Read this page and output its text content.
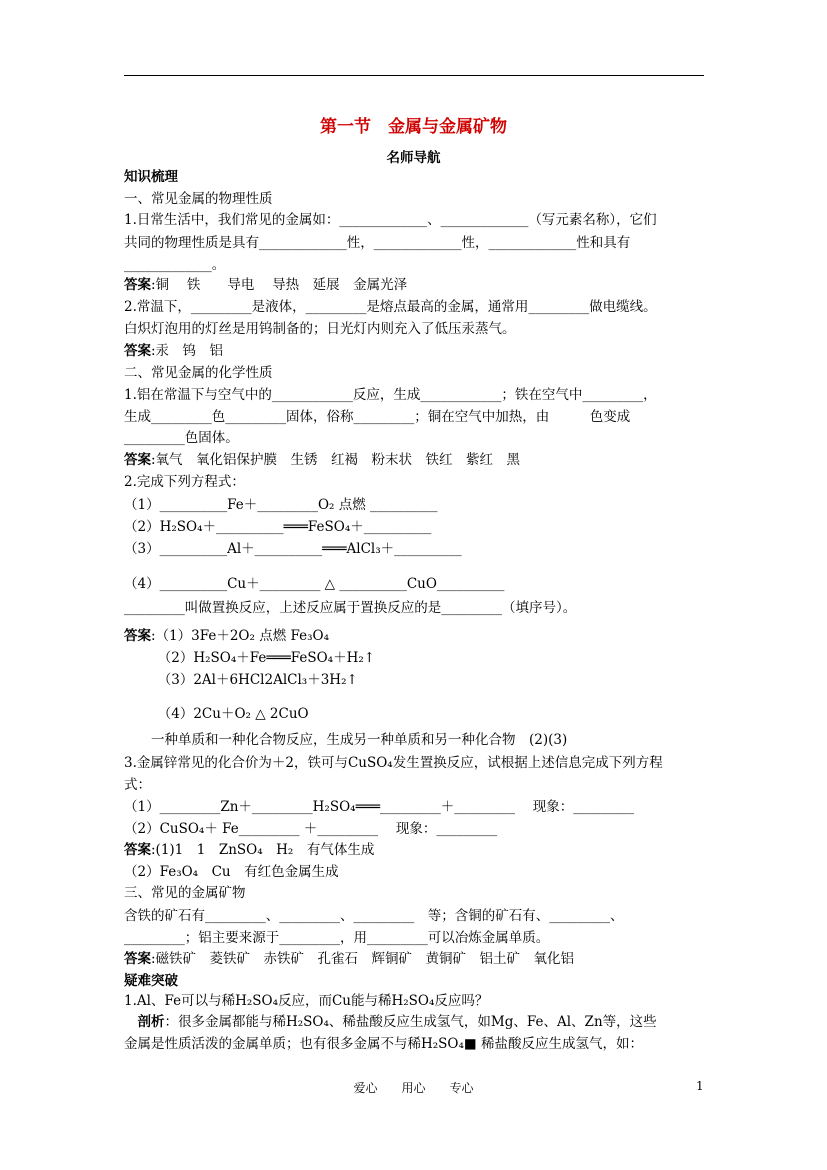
第一节　金属与金属矿物
名师导航
知识梳理
一、常见金属的物理性质
1.日常生活中，我们常见的金属如：_____________、_____________（写元素名称），它们
共同的物理性质是具有_____________性，_____________性，_____________性和具有
_____________。
答案:铜　 铁　　导电　 导热　延展　金属光泽
2.常温下，_________是液体，_________是熔点最高的金属，通常用_________做电缆线。
白炽灯泡用的灯丝是用钨制备的；日光灯内则充入了低压汞蒸气。
答案:汞　钨　铝
二、常见金属的化学性质
1.铝在常温下与空气中的____________反应，生成____________；铁在空气中_________，
生成_________色_________固体，俗称_________；铜在空气中加热，由　　　色变成
_________色固体。
答案:氧气　氧化铝保护膜　生锈　红褐　粉末状　铁红　紫红　黑
2.完成下列方程式：
（1）__________Fe＋_________O₂ 点燃 __________
（2）H₂SO₄＋__________═══FeSO₄＋__________
（3）__________Al＋__________═══AlCl₃＋__________
（4）__________Cu＋_________ △ __________CuO__________
_________叫做置换反应，上述反应属于置换反应的是_________（填序号）。
答案:（1）3Fe＋2O₂ 点燃 Fe₃O₄
　　　（2）H₂SO₄＋Fe═══FeSO₄＋H₂↑
　　　（3）2Al＋6HCl2AlCl₃＋3H₂↑
　　　（4）2Cu＋O₂ △ 2CuO
　　一种单质和一种化合物反应，生成另一种单质和另一种化合物　(2)(3)
3.金属锌常见的化合价为＋2，铁可与CuSO₄发生置换反应，试根据上述信息完成下列方程
式：
（1）_________Zn＋_________H₂SO₄═══_________＋_________　 现象：_________
（2）CuSO₄＋ Fe_________ ＋_________　 现象：_________
答案:(1)1　1　ZnSO₄　H₂　有气体生成
（2）Fe₃O₄　Cu　有红色金属生成
三、常见的金属矿物
含铁的矿石有_________、_________、_________　等；含铜的矿石有、_________、
_________；铝主要来源于_________，用_________可以冶炼金属单质。
答案:磁铁矿　菱铁矿　赤铁矿　孔雀石　辉铜矿　黄铜矿　铝土矿　氧化铝
疑难突破
1.Al、Fe可以与稀H₂SO₄反应，而Cu能与稀H₂SO₄反应吗？
　剖析：很多金属都能与稀H₂SO₄、稀盐酸反应生成氢气，如Mg、Fe、Al、Zn等，这些
金属是性质活泼的金属单质；也有很多金属不与稀H₂SO₄■ 稀盐酸反应生成氢气，如：
爱心　　用心　　专心	1
